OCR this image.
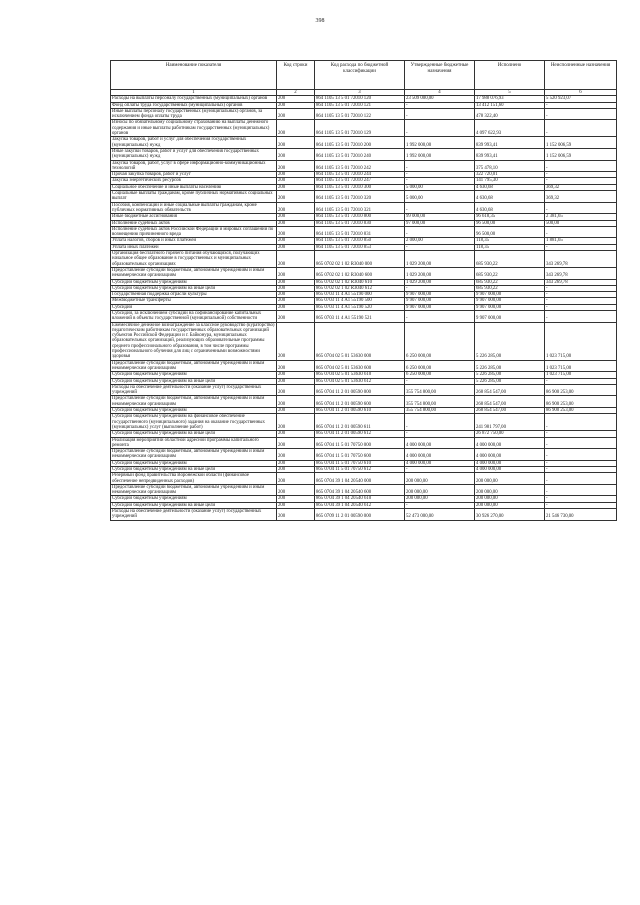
398
Наименование показателя	Код строки	Код расхода по бюджетной классификации	Утвержденные бюджетные назначения	Исполнено	Неисполненные назначения
1	2	3	4	5	6
Расходы на выплаты персоналу государственных (муниципальных) органов	200	864 1105 13 5 01 72010 120	23 509 000,00	17 988 076,93	5 520 923,07
Фонд оплаты труда государственных (муниципальных) органов	200	864 1105 13 5 01 72010 121	-	13 412 151,60	-
Иные выплаты персоналу государственных (муниципальных) органов, за исключением фонда оплаты труда	200	864 1105 13 5 01 72010 122	-	478 322,40	-
Взносы по обязательному социальному страхованию на выплаты денежного содержания и иные выплаты работникам государственных (муниципальных) органов	200	864 1105 13 5 01 72010 129	-	4 097 622,93	-
Закупка товаров, работ и услуг для обеспечения государственных (муниципальных) нужд	200	864 1105 13 5 01 72010 200	1 992 000,00	839 993,41	1 152 006,59
Иные закупки товаров, работ и услуг для обеспечения государственных (муниципальных) нужд	200	864 1105 13 5 01 72010 240	1 992 000,00	839 993,41	1 152 006,59
Закупка товаров, работ, услуг в сфере информационно-коммуникационных технологий	200	864 1105 13 5 01 72010 242	-	375 478,10	-
Прочая закупка товаров, работ и услуг	200	864 1105 13 5 01 72010 244	-	322 720,01	-
Закупка энергетических ресурсов	200	864 1105 13 5 01 72010 247	-	141 795,30	-
Социальное обеспечение и иные выплаты населению	200	864 1105 13 5 01 72010 300	5 000,00	4 630,68	369,32
Социальные выплаты гражданам, кроме публичных нормативных социальных выплат	200	864 1105 13 5 01 72010 320	5 000,00	4 630,68	369,32
Пособия, компенсации и иные социальные выплаты гражданам, кроме публичных нормативных обязательств	200	864 1105 13 5 01 72010 321	-	4 630,68	-
Иные бюджетные ассигнования	200	864 1105 13 5 01 72010 800	99 000,00	96 618,35	2 381,65
Исполнение судебных актов	200	864 1105 13 5 01 72010 830	97 000,00	96 500,00	500,00
Исполнение судебных актов Российской Федерации и мировых соглашений по возмещению причиненного вреда	200	864 1105 13 5 01 72010 831	-	96 500,00	-
Уплата налогов, сборов и иных платежей	200	864 1105 13 5 01 72010 850	2 000,00	118,35	1 881,65
Уплата иных платежей	200	864 1105 13 5 01 72010 853	-	118,35	-
Организация бесплатного горячего питания обучающихся, получающих начальное общее образование в государственных и муниципальных образовательных организациях	200	865 0702 02 1 02 R3040 000	1 029 200,00	685 930,22	343 269,78
Предоставление субсидий бюджетным, автономным учреждениям и иным некоммерческим организациям	200	865 0702 02 1 02 R3040 600	1 029 200,00	685 930,22	343 269,78
Субсидии бюджетным учреждениям	200	865 0702 02 1 02 R3040 610	1 029 200,00	685 930,22	343 269,78
Субсидии бюджетным учреждениям на иные цели	200	865 0702 02 1 02 R3040 612	-	685 930,22	-
Государственная поддержка отрасли культуры	200	865 0703 11 4 A1 55190 000	9 907 000,00	9 907 000,00	-
Межбюджетные трансферты	200	865 0703 11 4 A1 55190 500	9 907 000,00	9 907 000,00	-
Субсидии	200	865 0703 11 4 A1 55190 520	9 907 000,00	9 907 000,00	-
Субсидии, за исключением субсидий на софинансирование капитальных вложений в объекты государственной (муниципальной) собственности	200	865 0703 11 4 A1 55190 521	-	9 907 000,00	-
Ежемесячное денежное вознаграждение за классное руководство (кураторство) педагогическим работникам государственных образовательных организаций субъектов Российской Федерации и г. Байконура, муниципальных образовательных организаций, реализующих образовательные программы среднего профессионального образования, в том числе программы профессионального обучения для лиц с ограниченными возможностями здоровья	200	865 0704 02 5 01 53630 000	6 250 000,00	5 226 285,00	1 023 715,00
Предоставление субсидий бюджетным, автономным учреждениям и иным некоммерческим организациям	200	865 0704 02 5 01 53630 600	6 250 000,00	5 226 285,00	1 023 715,00
Субсидии бюджетным учреждениям	200	865 0704 02 5 01 53630 610	6 250 000,00	5 226 285,00	1 023 715,00
Субсидии бюджетным учреждениям на иные цели	200	865 0704 02 5 01 53630 612	-	5 226 285,00	-
Расходы на обеспечение деятельности (оказание услуг) государственных учреждений	200	865 0704 11 2 01 00590 000	355 754 800,00	268 854 547,00	86 900 253,00
Предоставление субсидий бюджетным, автономным учреждениям и иным некоммерческим организациям	200	865 0704 11 2 01 00590 600	355 754 800,00	268 854 547,00	86 900 253,00
Субсидии бюджетным учреждениям	200	865 0704 11 2 01 00590 610	355 754 800,00	268 854 547,00	86 900 253,00
Субсидии бюджетным учреждениям на финансовое обеспечение государственного (муниципального) задания на оказание государственных (муниципальных) услуг (выполнение работ)	200	865 0704 11 2 01 00590 611	-	241 981 797,00	-
Субсидии бюджетным учреждениям на иные цели	200	865 0704 11 2 01 00590 612	-	26 872 750,00	-
Реализация мероприятий областной адресной программы капитального ремонта	200	865 0704 11 5 01 70750 000	4 000 000,00	4 000 000,00	-
Предоставление субсидий бюджетным, автономным учреждениям и иным некоммерческим организациям	200	865 0704 11 5 01 70750 600	4 000 000,00	4 000 000,00	-
Субсидии бюджетным учреждениям	200	865 0704 11 5 01 70750 610	4 000 000,00	4 000 000,00	-
Субсидии бюджетным учреждениям на иные цели	200	865 0704 11 5 01 70750 612	-	4 000 000,00	-
Резервный фонд правительства Воронежской области (финансовое обеспечение непредвиденных расходов)	200	865 0704 39 1 04 20540 000	200 000,00	200 000,00	-
Предоставление субсидий бюджетным, автономным учреждениям и иным некоммерческим организациям	200	865 0704 39 1 04 20540 600	200 000,00	200 000,00	-
Субсидии бюджетным учреждениям	200	865 0704 39 1 04 20540 610	200 000,00	200 000,00	-
Субсидии бюджетным учреждениям на иные цели	200	865 0704 39 1 04 20540 612	-	200 000,00	-
Расходы на обеспечение деятельности (оказание услуг) государственных учреждений	200	865 0709 11 2 01 00590 000	52 473 000,00	30 926 270,00	21 546 730,00
